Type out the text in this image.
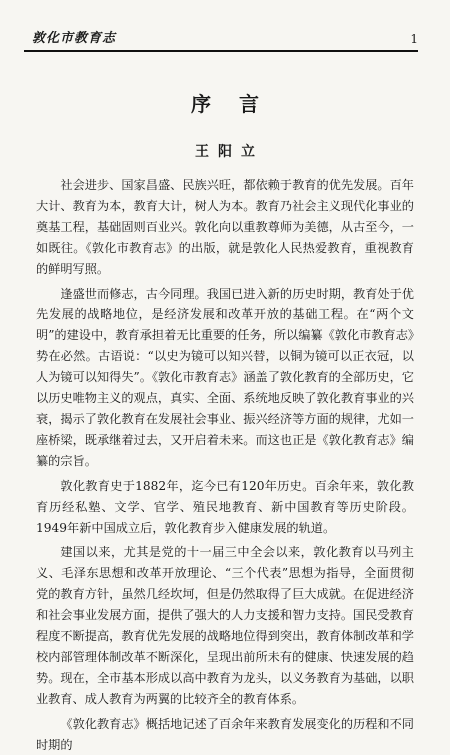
敦化市教育志	1
序言
王阳立

社会进步、国家昌盛、民族兴旺，都依赖于教育的优先发展。百年大计、教育为本，教育大计，树人为本。教育乃社会主义现代化事业的奠基工程，基础固则百业兴。敦化向以重教尊师为美德，从古至今，一如既往。《敦化市教育志》的出版，就是敦化人民热爱教育，重视教育的鲜明写照。

逢盛世而修志，古今同理。我国已进入新的历史时期，教育处于优先发展的战略地位，是经济发展和改革开放的基础工程。在“两个文明”的建设中，教育承担着无比重要的任务，所以编纂《敦化市教育志》势在必然。古语说：“以史为镜可以知兴替，以铜为镜可以正衣冠，以人为镜可以知得失”。《敦化市教育志》涵盖了敦化教育的全部历史，它以历史唯物主义的观点，真实、全面、系统地反映了敦化教育事业的兴衰，揭示了敦化教育在发展社会事业、振兴经济等方面的规律，尤如一座桥梁，既承继着过去，又开启着未来。而这也正是《敦化教育志》编纂的宗旨。

敦化教育史于1882年，迄今已有120年历史。百余年来，敦化教育历经私塾、文学、官学、殖民地教育、新中国教育等历史阶段。1949年新中国成立后，敦化教育步入健康发展的轨道。

建国以来，尤其是党的十一届三中全会以来，敦化教育以马列主义、毛泽东思想和改革开放理论、“三个代表”思想为指导，全面贯彻党的教育方针，虽然几经坎坷，但是仍然取得了巨大成就。在促进经济和社会事业发展方面，提供了强大的人力支援和智力支持。国民受教育程度不断提高，教育优先发展的战略地位得到突出，教育体制改革和学校内部管理体制改革不断深化，呈现出前所未有的健康、快速发展的趋势。现在，全市基本形成以高中教育为龙头，以义务教育为基础，以职业教育、成人教育为两翼的比较齐全的教育体系。

《敦化教育志》概括地记述了百余年来教育发展变化的历程和不同时期的
